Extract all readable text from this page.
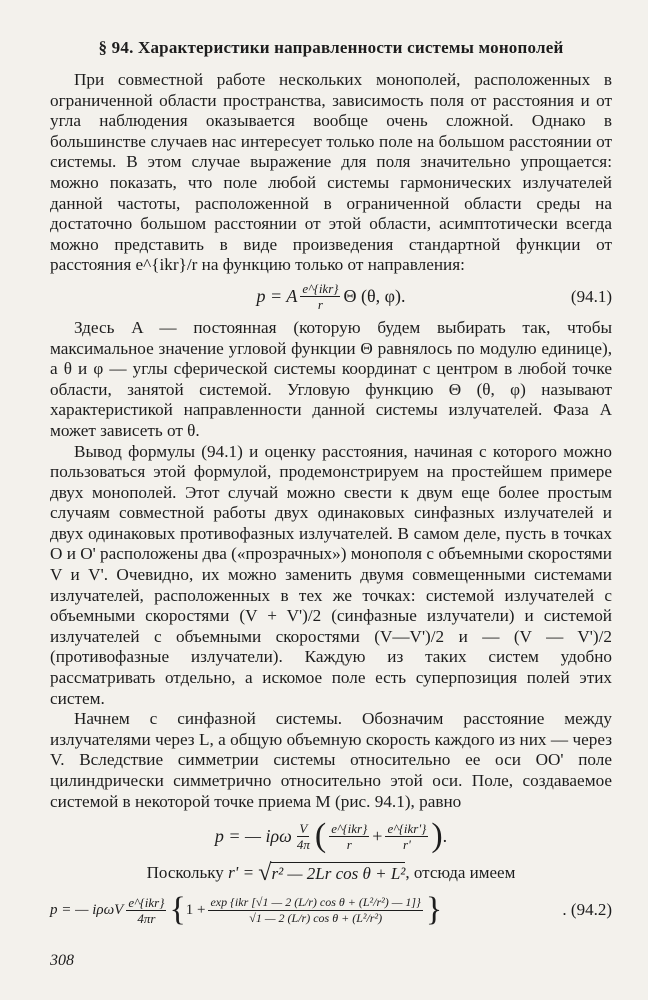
§ 94. Характеристики направленности системы монополей

При совместной работе нескольких монополей, расположенных в ограниченной области пространства, зависимость поля от расстояния и от угла наблюдения оказывается вообще очень сложной. Однако в большинстве случаев нас интересует только поле на большом расстоянии от системы. В этом случае выражение для поля значительно упрощается: можно показать, что поле любой системы гармонических излучателей данной частоты, расположенной в ограниченной области среды на достаточно большом расстоянии от этой области, асимптотически всегда можно представить в виде произведения стандартной функции от расстояния e^{ikr}/r на функцию только от направления:

p = A $\frac{\text{e\textasciicircum{}\{ikr\}}}{r}$ Θ (θ, φ).	(94.1)

Здесь A — постоянная (которую будем выбирать так, чтобы максимальное значение угловой функции Θ равнялось по модулю единице), а θ и φ — углы сферической системы координат с центром в любой точке области, занятой системой. Угловую функцию Θ (θ, φ) называют характеристикой направленности данной системы излучателей. Фаза A может зависеть от θ.

Вывод формулы (94.1) и оценку расстояния, начиная с которого можно пользоваться этой формулой, продемонстрируем на простейшем примере двух монополей. Этот случай можно свести к двум еще более простым случаям совместной работы двух одинаковых синфазных излучателей и двух одинаковых противофазных излучателей. В самом деле, пусть в точках O и O' расположены два («прозрачных») монополя с объемными скоростями V и V'. Очевидно, их можно заменить двумя совмещенными системами излучателей, расположенных в тех же точках: системой излучателей с объемными скоростями (V + V')/2 (синфазные излучатели) и системой излучателей с объемными скоростями (V—V')/2 и — (V — V')/2 (противофазные излучатели). Каждую из таких систем удобно рассматривать отдельно, а искомое поле есть суперпозиция полей этих систем.

Начнем с синфазной системы. Обозначим расстояние между излучателями через L, а общую объемную скорость каждого из них — через V. Вследствие симметрии системы относительно ее оси OO' поле цилиндрически симметрично относительно этой оси. Поле, создаваемое системой в некоторой точке приема M (рис. 94.1), равно

p = — iρω $\frac{V}{4\pi}$ ( $\frac{\text{e\textasciicircum{}\{ikr\}}}{r} + \frac{\text{e\textasciicircum{}\{ikr'\}}}{r'}$ ) .
Поскольку
r' =
√ r² — 2Lr cos θ + L² , отсюда имеем
p = — iρωV $\frac{\text{e\textasciicircum{}\{ikr\}}}{4\pi r}$ { $1 + \frac{\text{exp \{ikr [√1 — 2 (L/r) cos θ + (L²/r²) — 1]\}}}{\text{√1 — 2 (L/r) cos θ + (L²/r²)}}$ }	. (94.2)
308
